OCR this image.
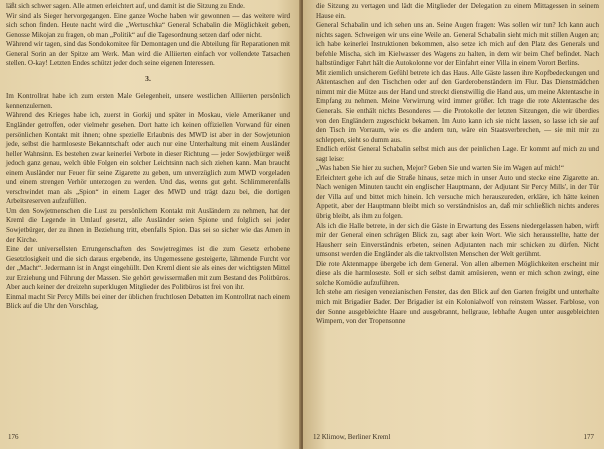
läßt sich schwer sagen. Alle atmen erleichtert auf, und damit ist die Sitzung zu Ende.

Wir sind als Sieger hervorgegangen. Eine ganze Woche haben wir gewonnen — das weitere wird sich schon finden. Heute nacht wird die „Wertuschka“ General Schabalin die Möglichkeit geben, Genosse Mikojan zu fragen, ob man „Politik“ auf die Tagesordnung setzen darf oder nicht.

Während wir tagen, sind das Sondokomitee für Demontagen und die Abteilung für Reparationen mit General Sorin an der Spitze am Werk. Man wird die Alliierten einfach vor vollendete Tatsachen stellen. O-kay! Letzten Endes schützt jeder doch seine eigenen Interessen.

3.

Im Kontrollrat habe ich zum ersten Male Gelegenheit, unsere westlichen Alliierten persönlich kennenzulernen.

Während des Krieges habe ich, zuerst in Gorkij und später in Moskau, viele Amerikaner und Engländer getroffen, oder vielmehr gesehen. Dort hatte ich keinen offiziellen Vorwand für einen persönlichen Kontakt mit ihnen; ohne spezielle Erlaubnis des MWD ist aber in der Sowjetunion jede, selbst die harmloseste Bekanntschaft oder auch nur eine Unterhaltung mit einem Ausländer heller Wahnsinn. Es bestehen zwar keinerlei Verbote in dieser Richtung — jeder Sowjetbürger weiß jedoch ganz genau, welch üble Folgen ein solcher Leichtsinn nach sich ziehen kann. Man braucht einem Ausländer nur Feuer für seine Zigarette zu geben, um unverzüglich zum MWD vorgeladen und einem strengen Verhör unterzogen zu werden. Und das, wenns gut geht. Schlimmerenfalls verschwindet man als „Spion“ in einem Lager des MWD und trägt dazu bei, die dortigen Arbeitsreserven aufzufüllen.

Um den Sowjetmenschen die Lust zu persönlichem Kontakt mit Ausländern zu nehmen, hat der Kreml die Legende in Umlauf gesetzt, alle Ausländer seien Spione und folglich sei jeder Sowjetbürger, der zu ihnen in Beziehung tritt, ebenfalls Spion. Das sei so sicher wie das Amen in der Kirche.

Eine der universellsten Errungenschaften des Sowjetregimes ist die zum Gesetz erhobene Gesetzlosigkeit und die sich daraus ergebende, ins Ungemessene gesteigerte, lähmende Furcht vor der „Macht“. Jedermann ist in Angst eingehüllt. Den Kreml dient sie als eines der wichtigsten Mittel zur Erziehung und Führung der Massen. Sie gehört gewissermaßen mit zum Bestand des Politbüros. Aber auch keiner der dreizehn superklugen Mitglieder des Politbüros ist frei von ihr.

Einmal macht Sir Percy Mills bei einer der üblichen fruchtlosen Debatten im Kontrollrat nach einem Blick auf die Uhr den Vorschlag,

176

die Sitzung zu vertagen und lädt die Mitglieder der Delegation zu einem Mittagessen in seinem Hause ein.

General Schabalin und ich sehen uns an. Seine Augen fragen: Was sollen wir tun? Ich kann auch nichts sagen. Schweigen wir uns eine Weile an. General Schabalin sieht mich mit stillen Augen an; ich habe keinerlei Instruktionen bekommen, also setze ich mich auf den Platz des Generals und befehle Mischa, sich im Kielwasser des Wagens zu halten, in dem wir beim Chef befindet. Nach halbstündiger Fahrt hält die Autokolonne vor der Einfahrt einer Villa in einem Vorort Berlins.

Mit ziemlich unsicherem Gefühl betrete ich das Haus. Alle Gäste lassen ihre Kopfbedeckungen und Aktentaschen auf den Tischchen oder auf den Garderobenständern im Flur. Das Dienstmädchen nimmt mir die Mütze aus der Hand und streckt dienstwillig die Hand aus, um meine Aktentasche in Empfang zu nehmen. Meine Verwirrung wird immer größer. Ich trage die rote Aktentasche des Generals. Sie enthält nichts Besonderes — die Protokolle der letzten Sitzungen, die wir überdies von den Engländern zugeschickt bekamen. Im Auto kann ich sie nicht lassen, so lasse ich sie auf den Tisch im Vorraum, wie es die andern tun, wäre ein Staatsverbrechen, — sie mit mir zu schleppen, sieht so dumm aus.

Endlich erlöst General Schabalin selbst mich aus der peinlichen Lage. Er kommt auf mich zu und sagt leise:

„Was haben Sie hier zu suchen, Mejor? Geben Sie und warten Sie im Wagen auf mich!“

Erleichtert gehe ich auf die Straße hinaus, setze mich in unser Auto und stecke eine Zigarette an. Nach wenigen Minuten taucht ein englischer Hauptmann, der Adjutant Sir Percy Mills', in der Tür der Villa auf und bittet mich hinein. Ich versuche mich herauszureden, erkläre, ich hätte keinen Appetit, aber der Hauptmann bleibt mich so verständnislos an, daß mir schließlich nichts anderes übrig bleibt, als ihm zu folgen.

Als ich die Halle betrete, in der sich die Gäste in Erwartung des Essens niedergelassen haben, wirft mir der General einen schrägen Blick zu, sagt aber kein Wort. Wie sich herausstellte, hatte der Hausherr sein Einverständnis erbeten, seinen Adjutanten nach mir schicken zu dürfen. Nicht umsonst werden die Engländer als die taktvollsten Menschen der Welt gerühmt.

Die rote Aktenmappe übergebe ich dem General. Von allen albernen Möglichkeiten erscheint mir diese als die harmloseste. Soll er sich selbst damit amüsieren, wenn er mich schon zwingt, eine solche Komödie aufzuführen.

Ich stehe am riesigen venezianischen Fenster, das den Blick auf den Garten freigibt und unterhalte mich mit Brigadier Bader. Der Brigadier ist ein Kolonialwolf von reinstem Wasser. Farblose, von der Sonne ausgebleichte Haare und ausgebrannt, hellgraue, lebhafte Augen unter ausgebleichten Wimpern, von der Tropensonne

12 Klimow, Berliner Kreml	177
